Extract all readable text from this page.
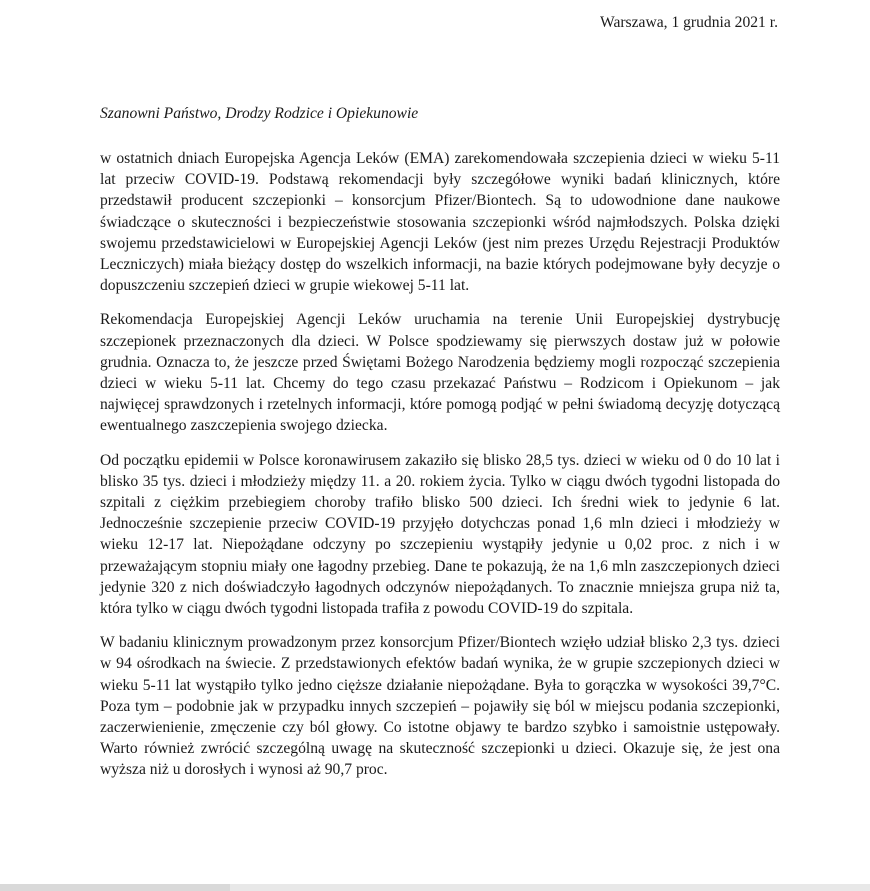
Warszawa, 1 grudnia 2021 r.
Szanowni Państwo, Drodzy Rodzice i Opiekunowie

w ostatnich dniach Europejska Agencja Leków (EMA) zarekomendowała szczepienia dzieci w wieku 5-11 lat przeciw COVID-19. Podstawą rekomendacji były szczegółowe wyniki badań klinicznych, które przedstawił producent szczepionki – konsorcjum Pfizer/Biontech. Są to udowodnione dane naukowe świadczące o skuteczności i bezpieczeństwie stosowania szczepionki wśród najmłodszych. Polska dzięki swojemu przedstawicielowi w Europejskiej Agencji Leków (jest nim prezes Urzędu Rejestracji Produktów Leczniczych) miała bieżący dostęp do wszelkich informacji, na bazie których podejmowane były decyzje o dopuszczeniu szczepień dzieci w grupie wiekowej 5-11 lat.

Rekomendacja Europejskiej Agencji Leków uruchamia na terenie Unii Europejskiej dystrybucję szczepionek przeznaczonych dla dzieci. W Polsce spodziewamy się pierwszych dostaw już w połowie grudnia. Oznacza to, że jeszcze przed Świętami Bożego Narodzenia będziemy mogli rozpocząć szczepienia dzieci w wieku 5-11 lat. Chcemy do tego czasu przekazać Państwu – Rodzicom i Opiekunom – jak najwięcej sprawdzonych i rzetelnych informacji, które pomogą podjąć w pełni świadomą decyzję dotyczącą ewentualnego zaszczepienia swojego dziecka.

Od początku epidemii w Polsce koronawirusem zakaziło się blisko 28,5 tys. dzieci w wieku od 0 do 10 lat i blisko 35 tys. dzieci i młodzieży między 11. a 20. rokiem życia. Tylko w ciągu dwóch tygodni listopada do szpitali z ciężkim przebiegiem choroby trafiło blisko 500 dzieci. Ich średni wiek to jedynie 6 lat. Jednocześnie szczepienie przeciw COVID-19 przyjęło dotychczas ponad 1,6 mln dzieci i młodzieży w wieku 12-17 lat. Niepożądane odczyny po szczepieniu wystąpiły jedynie u 0,02 proc. z nich i w przeważającym stopniu miały one łagodny przebieg. Dane te pokazują, że na 1,6 mln zaszczepionych dzieci jedynie 320 z nich doświadczyło łagodnych odczynów niepożądanych. To znacznie mniejsza grupa niż ta, która tylko w ciągu dwóch tygodni listopada trafiła z powodu COVID-19 do szpitala.

W badaniu klinicznym prowadzonym przez konsorcjum Pfizer/Biontech wzięło udział blisko 2,3 tys. dzieci w 94 ośrodkach na świecie. Z przedstawionych efektów badań wynika, że w grupie szczepionych dzieci w wieku 5-11 lat wystąpiło tylko jedno cięższe działanie niepożądane. Była to gorączka w wysokości 39,7°C. Poza tym – podobnie jak w przypadku innych szczepień – pojawiły się ból w miejscu podania szczepionki, zaczerwienienie, zmęczenie czy ból głowy. Co istotne objawy te bardzo szybko i samoistnie ustępowały. Warto również zwrócić szczególną uwagę na skuteczność szczepionki u dzieci. Okazuje się, że jest ona wyższa niż u dorosłych i wynosi aż 90,7 proc.
